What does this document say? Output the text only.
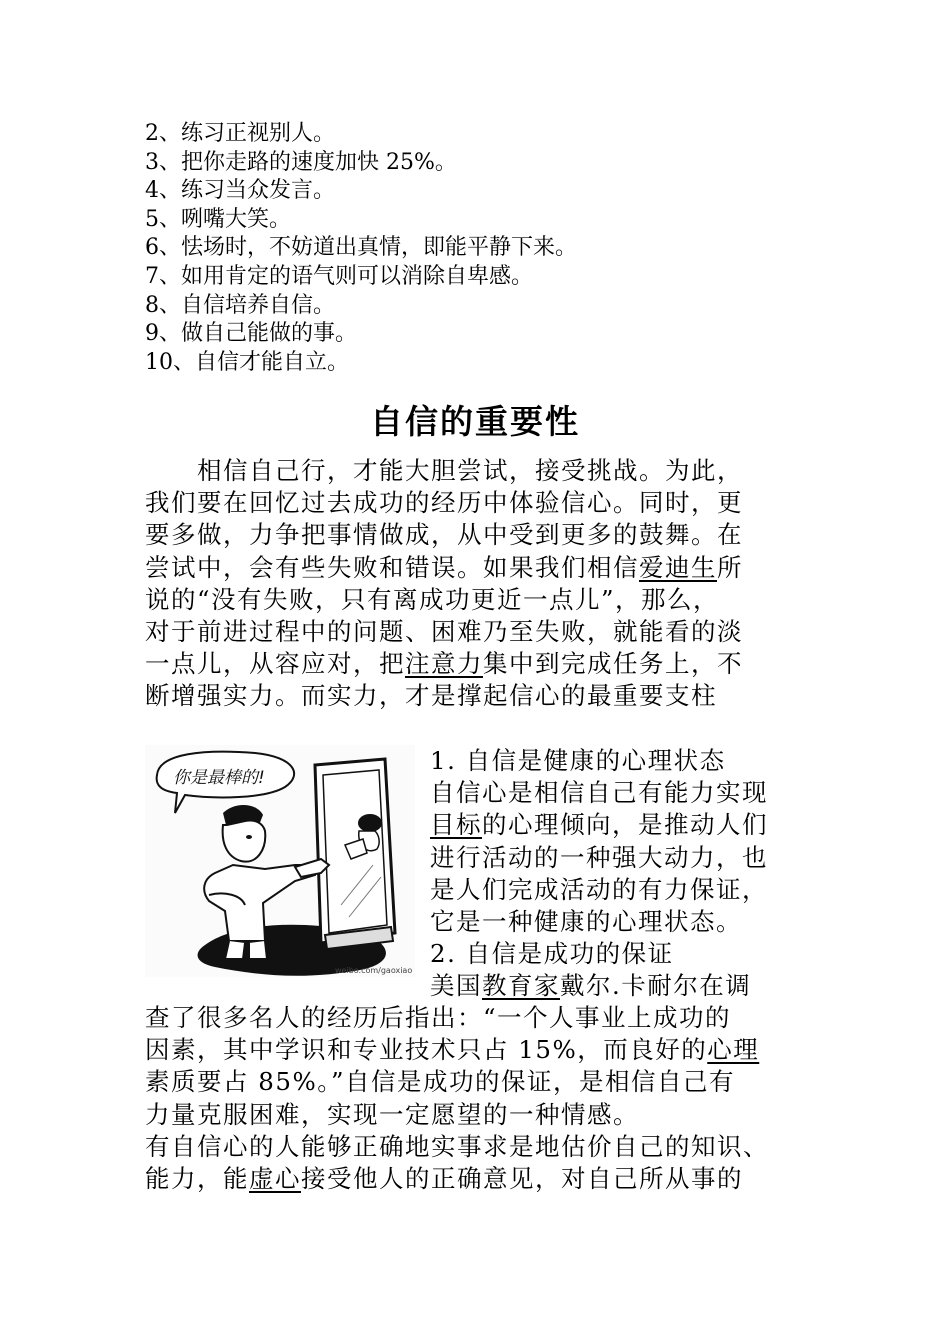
2、练习正视别人。
3、把你走路的速度加快 25%。
4、练习当众发言。
5、咧嘴大笑。
6、怯场时，不妨道出真情，即能平静下来。
7、如用肯定的语气则可以消除自卑感。
8、自信培养自信。
9、做自己能做的事。
10、自信才能自立。
自信的重要性
　　相信自己行，才能大胆尝试，接受挑战。为此，
我们要在回忆过去成功的经历中体验信心。同时，更
要多做，力争把事情做成，从中受到更多的鼓舞。在
尝试中，会有些失败和错误。如果我们相信爱迪生所
说的“没有失败，只有离成功更近一点儿”，那么，
对于前进过程中的问题、困难乃至失败，就能看的淡
一点儿，从容应对，把注意力集中到完成任务上，不
断增强实力。而实力，才是撑起信心的最重要支柱
你是最棒的!
weibo.com/gaoxiao
1. 自信是健康的心理状态
自信心是相信自己有能力实现
目标的心理倾向，是推动人们
进行活动的一种强大动力，也
是人们完成活动的有力保证，
它是一种健康的心理状态。
2. 自信是成功的保证
美国教育家戴尔.卡耐尔在调
查了很多名人的经历后指出：“一个人事业上成功的
因素，其中学识和专业技术只占 15%，而良好的心理
素质要占 85%。”自信是成功的保证，是相信自己有
力量克服困难，实现一定愿望的一种情感。
有自信心的人能够正确地实事求是地估价自己的知识、
能力，能虚心接受他人的正确意见，对自己所从事的
